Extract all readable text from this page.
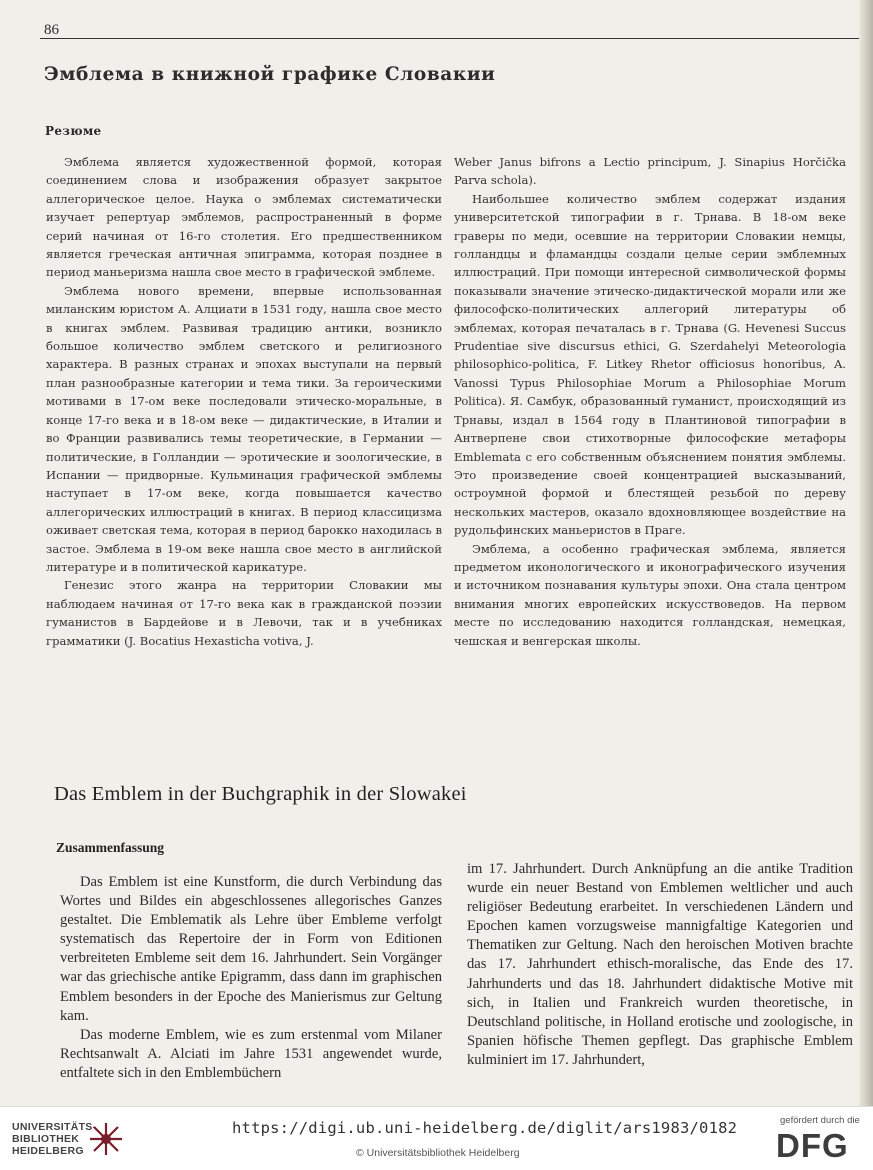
86
Эмблема в книжной графике Словакии
Резюме

Эмблема является художественной формой, которая соединением слова и изображения образует закрытое аллегорическое целое. Наука о эмблемах систематически изучает репертуар эмблемов, распространенный в форме серий начиная от 16-го столетия. Его предшественником является греческая античная эпиграмма, которая позднее в период маньеризма нашла свое место в графической эмблеме.

Эмблема нового времени, впервые использованная миланским юристом А. Алциати в 1531 году, нашла свое место в книгах эмблем. Развивая традицию антики, возникло большое количество эмблем светского и религиозного характера. В разных странах и эпохах выступали на первый план разнообразные категории и тема тики. За героическими мотивами в 17-ом веке последовали этическо-моральные, в конце 17-го века и в 18-ом веке — дидактические, в Италии и во Франции развивались темы теоретические, в Германии — политические, в Голландии — эротические и зоологические, в Испании — придворные. Кульминация графической эмблемы наступает в 17-ом веке, когда повышается качество аллегорических иллюстраций в книгах. В период классицизма оживает светская тема, которая в период барокко находилась в застое. Эмблема в 19-ом веке нашла свое место в английской литературе и в политической карикатуре.

Генезис этого жанра на территории Словакии мы наблюдаем начиная от 17-го века как в гражданской поэзии гуманистов в Бардейове и в Левочи, так и в учебниках грамматики (J. Bocatius Hexasticha votiva, J.

Weber Janus bifrons a Lectio principum, J. Sinapius Horčička Parva schola).

Наибольшее количество эмблем содержат издания университетской типографии в г. Трнава. В 18-ом веке граверы по меди, осевшие на территории Словакии немцы, голландцы и фламандцы создали целые серии эмблемных иллюстраций. При помощи интересной символической формы показывали значение этическо-дидактической морали или же философско-политических аллегорий литературы об эмблемах, которая печаталась в г. Трнава (G. Hevenesi Succus Prudentiae sive discursus ethici, G. Szerdahelyi Meteorologia philosophico-politica, F. Litkey Rhetor officiosus honoribus, A. Vanossi Typus Philosophiae Morum a Philosophiae Morum Politica). Я. Самбук, образованный гуманист, происходящий из Трнавы, издал в 1564 году в Плантиновой типографии в Антверпене свои стихотворные философские метафоры Emblemata с его собственным объяснением понятия эмблемы. Это произведение своей концентрацией высказываний, остроумной формой и блестящей резьбой по дереву нескольких мастеров, оказало вдохновляющее воздействие на рудольфинских маньеристов в Праге.

Эмблема, а особенно графическая эмблема, является предметом иконологического и иконографического изучения и источником познавания культуры эпохи. Она стала центром внимания многих европейских искусствоведов. На первом месте по исследованию находится голландская, немецкая, чешская и венгерская школы.

Das Emblem in der Buchgraphik in der Slowakei
Zusammenfassung

Das Emblem ist eine Kunstform, die durch Verbindung das Wortes und Bildes ein abgeschlossenes allegorisches Ganzes gestaltet. Die Emblematik als Lehre über Embleme verfolgt systematisch das Repertoire der in Form von Editionen verbreiteten Embleme seit dem 16. Jahrhundert. Sein Vorgänger war das griechische antike Epigramm, dass dann im graphischen Emblem besonders in der Epoche des Manierismus zur Geltung kam.

Das moderne Emblem, wie es zum erstenmal vom Milaner Rechtsanwalt A. Alciati im Jahre 1531 angewendet wurde, entfaltete sich in den Emblembüchern

im 17. Jahrhundert. Durch Anknüpfung an die antike Tradition wurde ein neuer Bestand von Emblemen weltlicher und auch religiöser Bedeutung erarbeitet. In verschiedenen Ländern und Epochen kamen vorzugsweise mannigfaltige Kategorien und Thematiken zur Geltung. Nach den heroischen Motiven brachte das 17. Jahrhundert ethisch-moralische, das Ende des 17. Jahrhunderts und das 18. Jahrhundert didaktische Motive mit sich, in Italien und Frankreich wurden theoretische, in Deutschland politische, in Holland erotische und zoologische, in Spanien höfische Themen gepflegt. Das graphische Emblem kulminiert im 17. Jahrhundert,

UNIVERSITÄTS-
BIBLIOTHEK
HEIDELBERG
https://digi.ub.uni-heidelberg.de/diglit/ars1983/0182
© Universitätsbibliothek Heidelberg
gefördert durch die
DFG
